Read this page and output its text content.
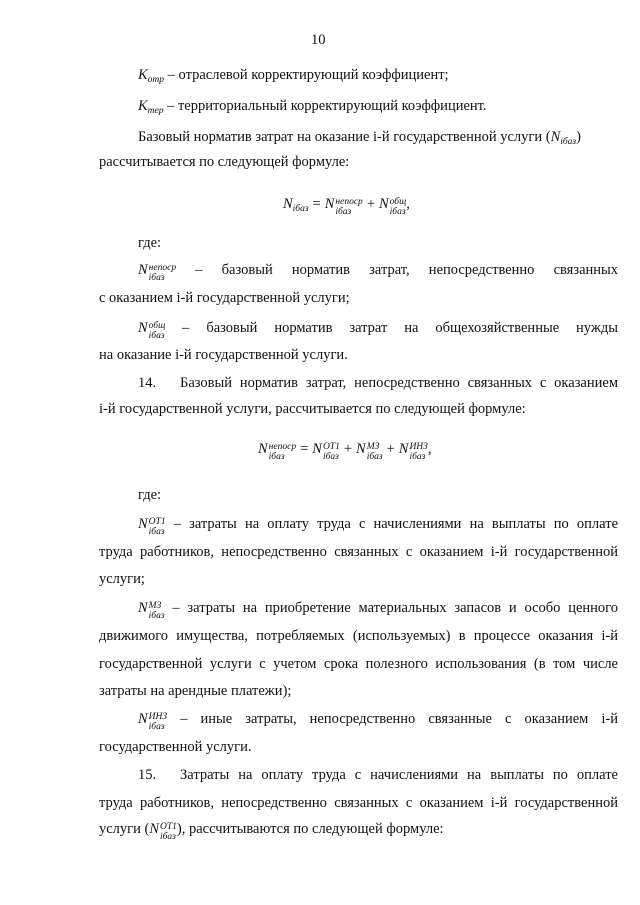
10
$К_{отр}$ – отраслевой корректирующий коэффициент;
$К_{тер}$ – территориальный корректирующий коэффициент.
Базовый норматив затрат на оказание i-й государственной услуги $(N_{iбаз})$
рассчитывается по следующей формуле:
$N_{iбаз} = N$ непоср
iбаз	+ N общ
iбаз ,
где:
N непоср
iбаз	– базовый норматив затрат, непосредственно связанных
с оказанием i-й государственной услуги;
N общ
iбаз – базовый норматив затрат на общехозяйственные нужды
на оказание i-й государственной услуги.
14. Базовый норматив затрат, непосредственно связанных с оказанием
i-й государственной услуги, рассчитывается по следующей формуле:
N непоср
iбаз	= N ОТ1
iбаз + N МЗ
iбаз + N ИНЗ
iбаз ,
где:
N ОТ1
iбаз – затраты на оплату труда с начислениями на выплаты по оплате
труда работников, непосредственно связанных с оказанием i-й государственной
услуги;
N МЗ
iбаз – затраты на приобретение материальных запасов и особо ценного
движимого имущества, потребляемых (используемых) в процессе оказания i-й
государственной услуги с учетом срока полезного использования (в том числе
затраты на арендные платежи);
N ИНЗ
iбаз – иные затраты, непосредственно связанные с оказанием i-й
государственной услуги.
15. Затраты на оплату труда с начислениями на выплаты по оплате
труда работников, непосредственно связанных с оказанием i-й государственной
услуги (N ОТ1
iбаз ), рассчитываются по следующей формуле:
